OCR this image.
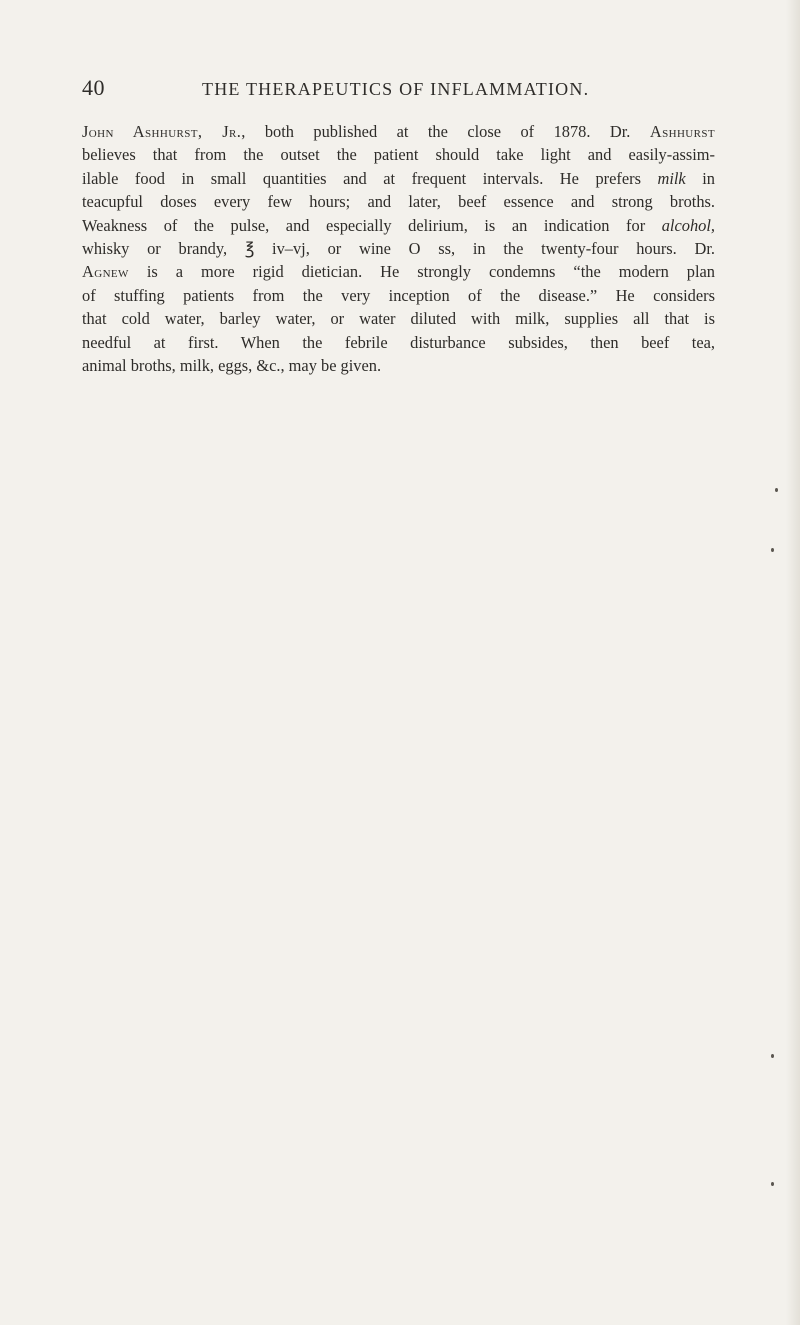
40	THE THERAPEUTICS OF INFLAMMATION.
John Ashhurst, Jr., both published at the close of 1878. Dr. Ashhurst
believes that from the outset the patient should take light and easily-assim-
ilable food in small quantities and at frequent intervals. He prefers milk in
teacupful doses every few hours; and later, beef essence and strong broths.
Weakness of the pulse, and especially delirium, is an indication for alcohol,
whisky or brandy, ℥ iv–vj, or wine O ss, in the twenty-four hours. Dr.
Agnew is a more rigid dietician. He strongly condemns “the modern plan
of stuffing patients from the very inception of the disease.” He considers
that cold water, barley water, or water diluted with milk, supplies all that is
needful at first. When the febrile disturbance subsides, then beef tea,
animal broths, milk, eggs, &c., may be given.
